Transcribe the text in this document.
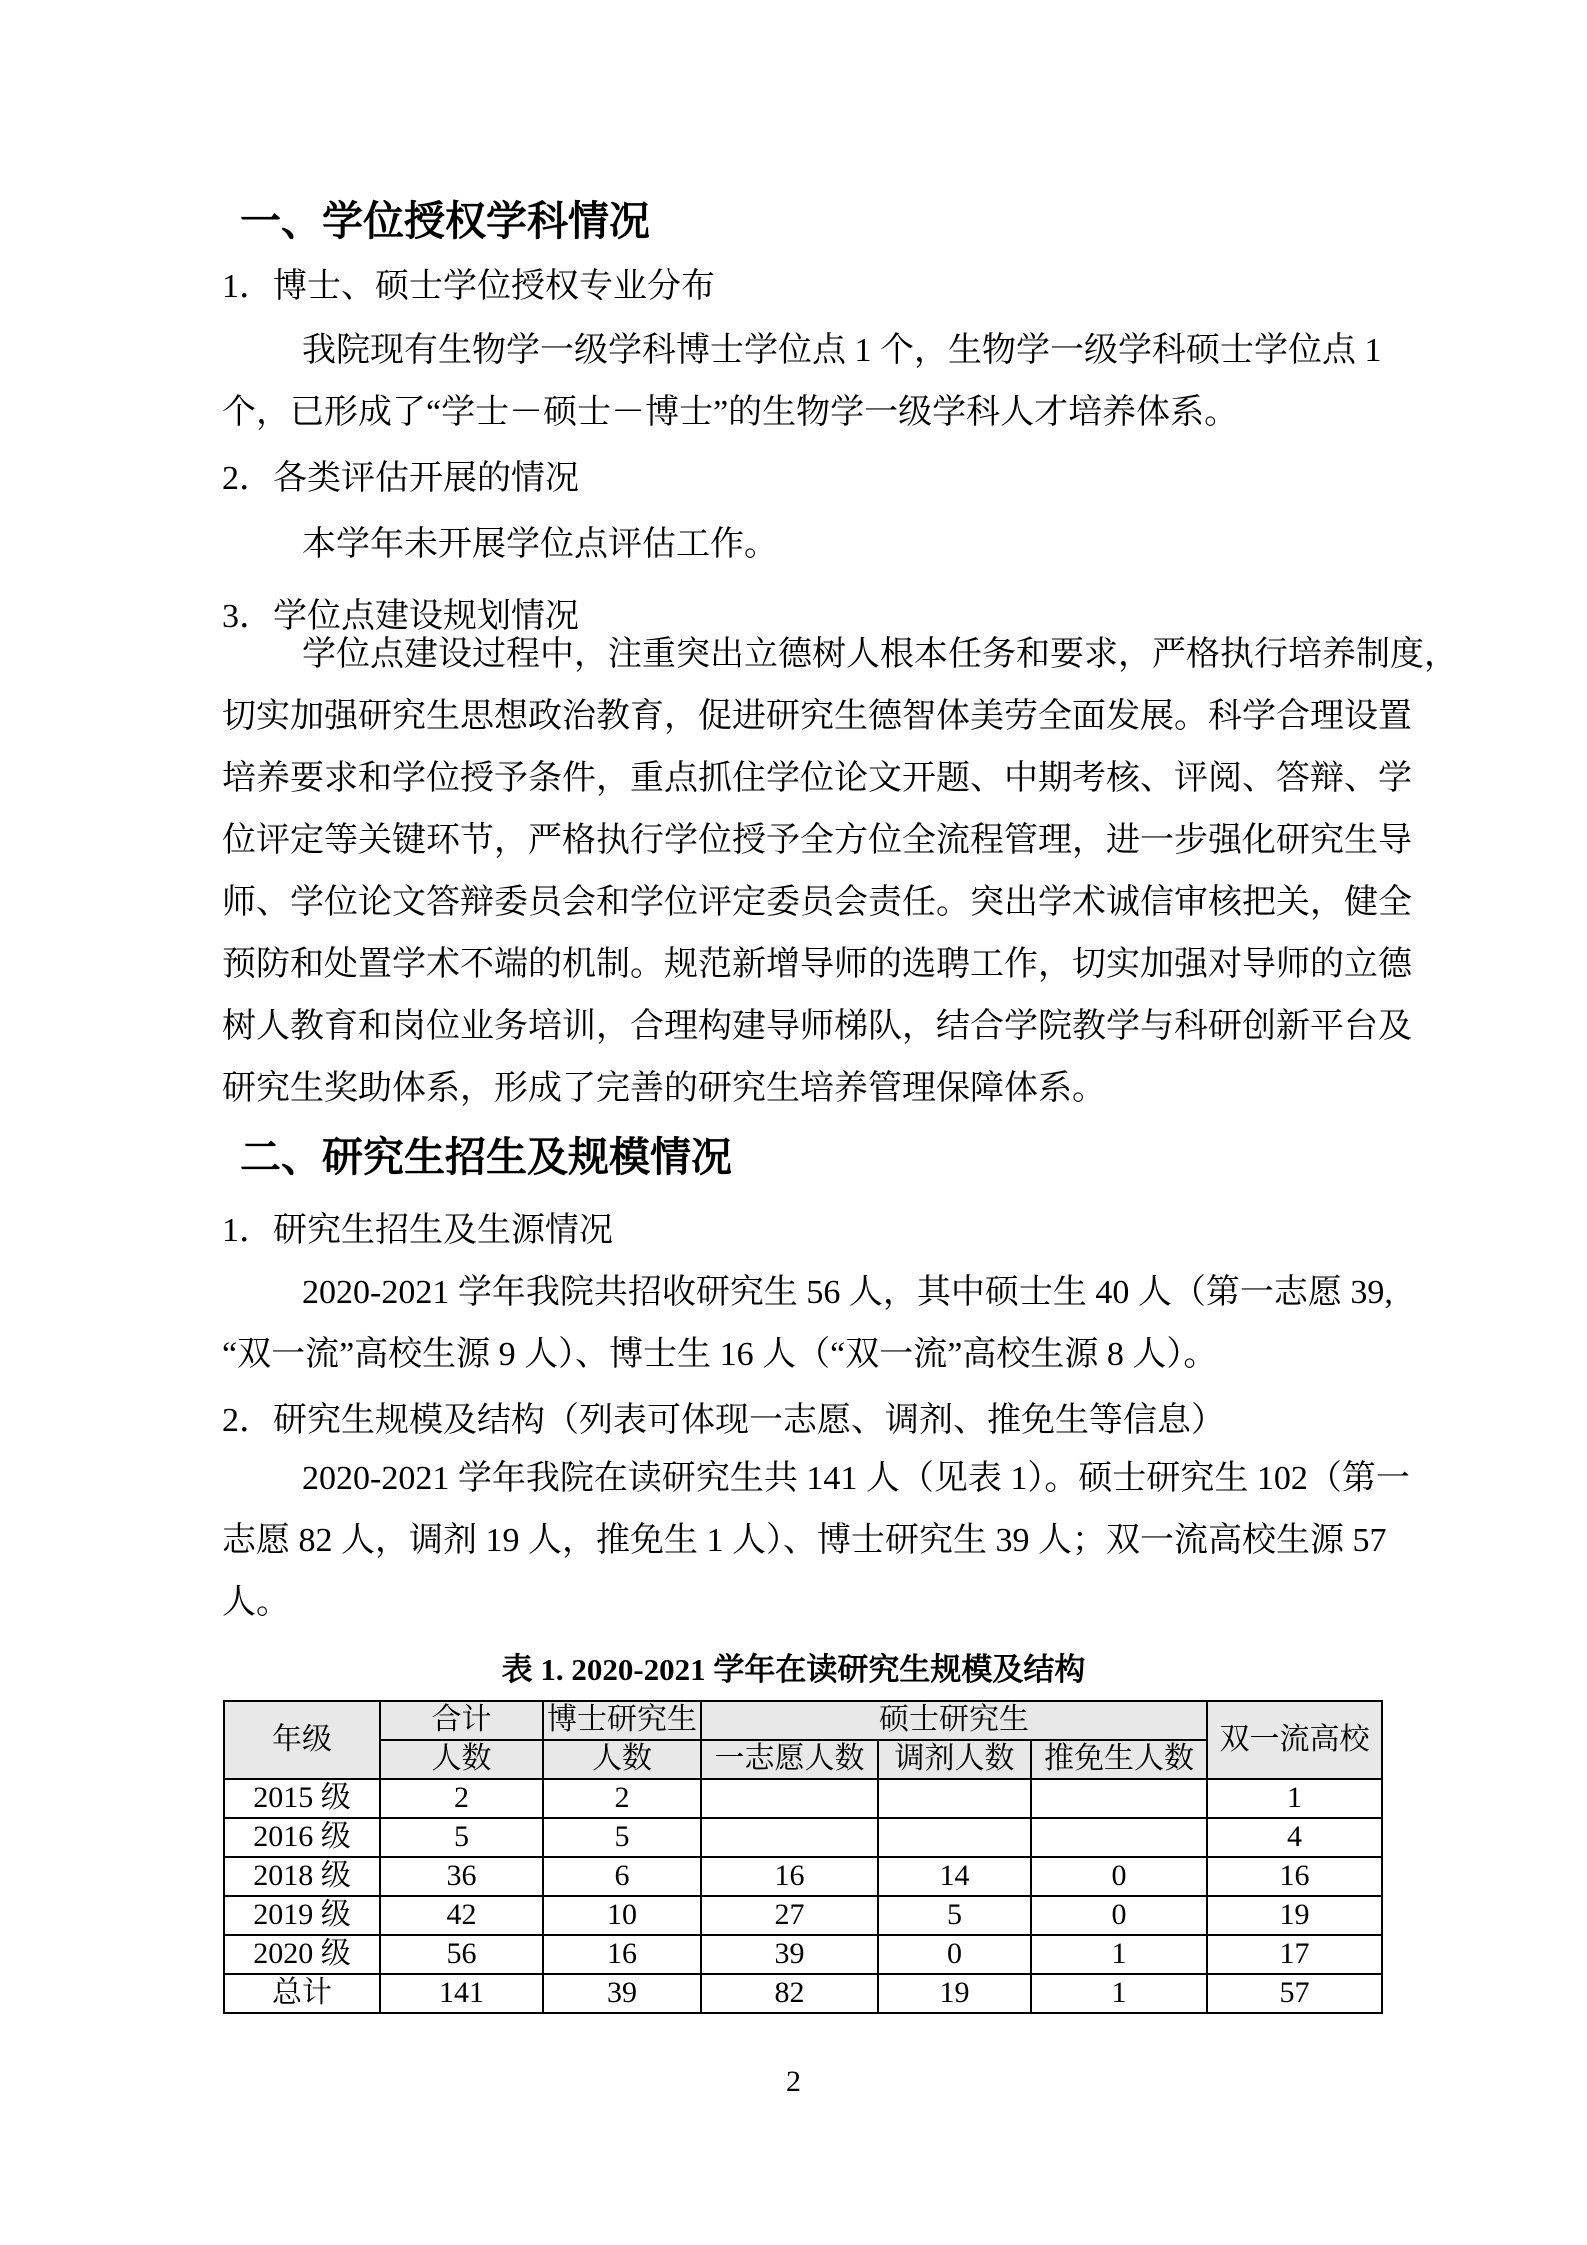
一、学位授权学科情况
1．博士、硕士学位授权专业分布
我院现有生物学一级学科博士学位点 1 个，生物学一级学科硕士学位点 1
个，已形成了“学士－硕士－博士”的生物学一级学科人才培养体系。
2．各类评估开展的情况
本学年未开展学位点评估工作。
3．学位点建设规划情况
学位点建设过程中，注重突出立德树人根本任务和要求，严格执行培养制度，
切实加强研究生思想政治教育，促进研究生德智体美劳全面发展。科学合理设置
培养要求和学位授予条件，重点抓住学位论文开题、中期考核、评阅、答辩、学
位评定等关键环节，严格执行学位授予全方位全流程管理，进一步强化研究生导
师、学位论文答辩委员会和学位评定委员会责任。突出学术诚信审核把关，健全
预防和处置学术不端的机制。规范新增导师的选聘工作，切实加强对导师的立德
树人教育和岗位业务培训，合理构建导师梯队，结合学院教学与科研创新平台及
研究生奖助体系，形成了完善的研究生培养管理保障体系。
二、研究生招生及规模情况
1．研究生招生及生源情况
2020-2021 学年我院共招收研究生 56 人，其中硕士生 40 人（第一志愿 39,
“双一流”高校生源 9 人）、博士生 16 人（“双一流”高校生源 8 人）。
2．研究生规模及结构（列表可体现一志愿、调剂、推免生等信息）
2020-2021 学年我院在读研究生共 141 人（见表 1）。硕士研究生 102（第一
志愿 82 人，调剂 19 人，推免生 1 人）、博士研究生 39 人；双一流高校生源 57
人。
表 1. 2020-2021 学年在读研究生规模及结构
年级	合计	博士研究生	硕士研究生			双一流高校
	人数	人数	一志愿人数	调剂人数	推免生人数	
2015 级	2	2				1
2016 级	5	5				4
2018 级	36	6	16	14	0	16
2019 级	42	10	27	5	0	19
2020 级	56	16	39	0	1	17
总计	141	39	82	19	1	57
2
